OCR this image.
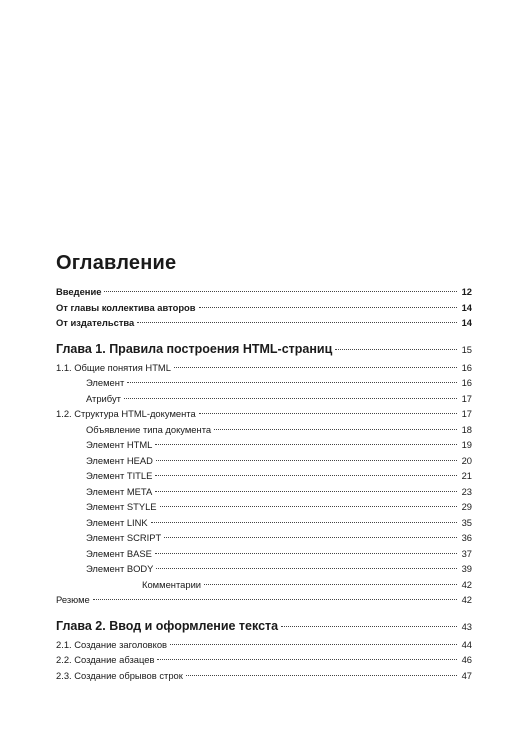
Оглавление
Введение	12
От главы коллектива авторов	14
От издательства	14
Глава 1. Правила построения HTML-страниц	15
1.1. Общие понятия HTML	16
Элемент	16
Атрибут	17
1.2. Структура HTML-документа	17
Объявление типа документа	18
Элемент HTML	19
Элемент HEAD	20
Элемент TITLE	21
Элемент META	23
Элемент STYLE	29
Элемент LINK	35
Элемент SCRIPT	36
Элемент BASE	37
Элемент BODY	39
Комментарии	42
Резюме	42
Глава 2. Ввод и оформление текста	43
2.1. Создание заголовков	44
2.2. Создание абзацев	46
2.3. Создание обрывов строк	47
